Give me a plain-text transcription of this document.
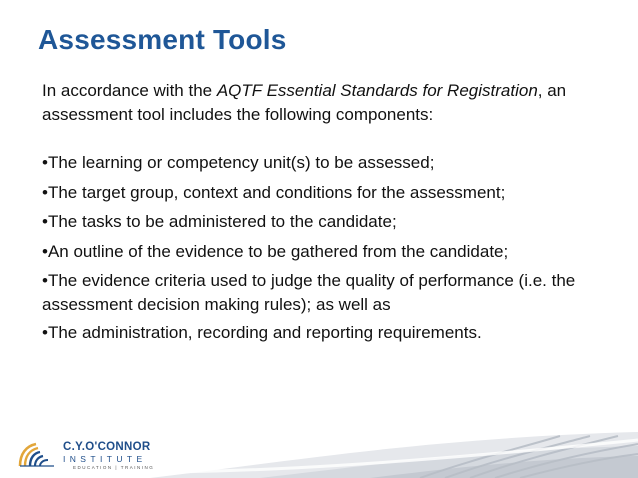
Assessment Tools

In accordance with the AQTF Essential Standards for Registration, an assessment tool includes the following components:

•The learning or competency unit(s) to be assessed;
•The target group, context and conditions for the assessment;
•The tasks to be administered to the candidate;
•An outline of the evidence to be gathered from the candidate;
•The evidence criteria used to judge the quality of performance (i.e. the assessment decision making rules); as well as
•The administration, recording and reporting requirements.
C.Y.O'CONNOR
INSTITUTE
EDUCATION | TRAINING
